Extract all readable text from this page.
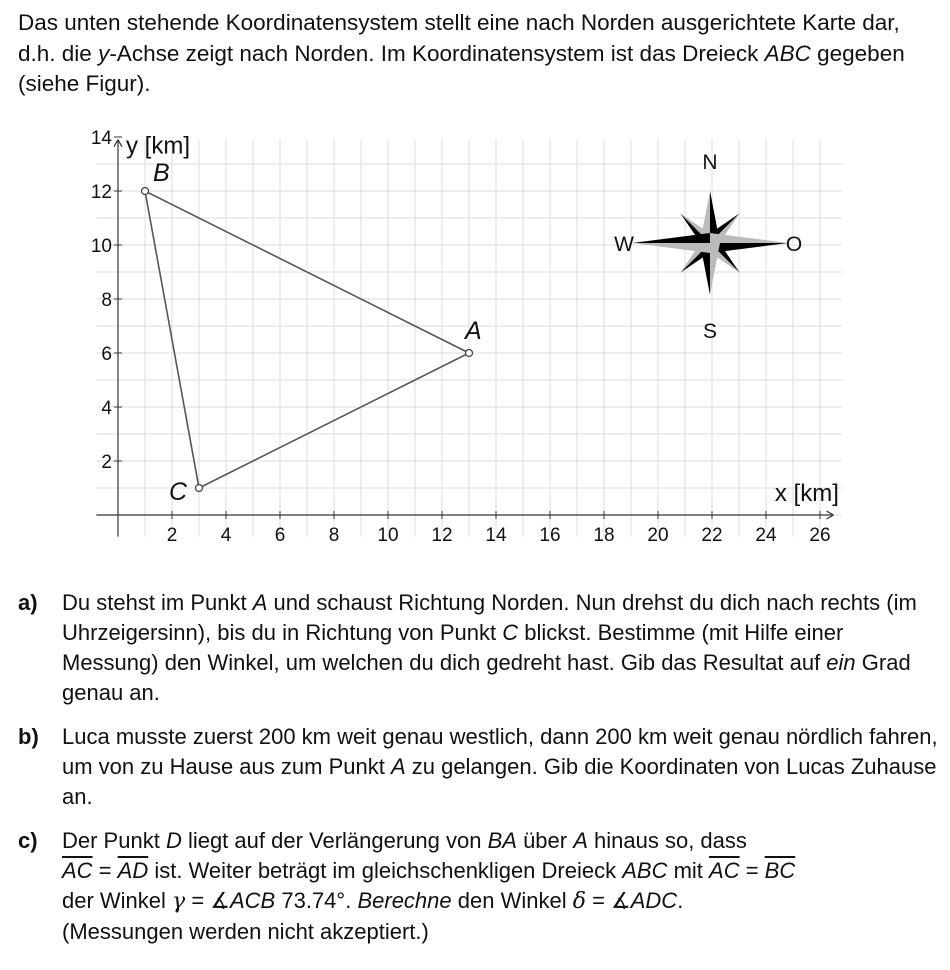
Das unten stehende Koordinatensystem stellt eine nach Norden ausgerichtete Karte dar, d.h. die y-Achse zeigt nach Norden. Im Koordinatensystem ist das Dreieck ABC gegeben (siehe Figur).
2 4 6 8 10 12 14 16 18 20 22 24 26
2
4
6
8
10
12
14
x [km]
y [km]
A
B
C
N
S
W	O
a)	Du stehst im Punkt A und schaust Richtung Norden. Nun drehst du dich nach rechts (im Uhrzeigersinn), bis du in Richtung von Punkt C blickst. Bestimme (mit Hilfe einer Messung) den Winkel, um welchen du dich gedreht hast. Gib das Resultat auf ein Grad genau an.
b)	Luca musste zuerst 200 km weit genau westlich, dann 200 km weit genau nördlich fahren, um von zu Hause aus zum Punkt A zu gelangen. Gib die Koordinaten von Lucas Zuhause an.
c)	Der Punkt D liegt auf der Verlängerung von BA über A hinaus so, dass
$\overline{AC} = \overline{AD}$ ist. Weiter beträgt im gleichschenkligen Dreieck ABC mit $\overline{AC} = \overline{BC}$
der Winkel γ = ∡ACB 73.74°. Berechne den Winkel δ = ∡ADC.
(Messungen werden nicht akzeptiert.)
